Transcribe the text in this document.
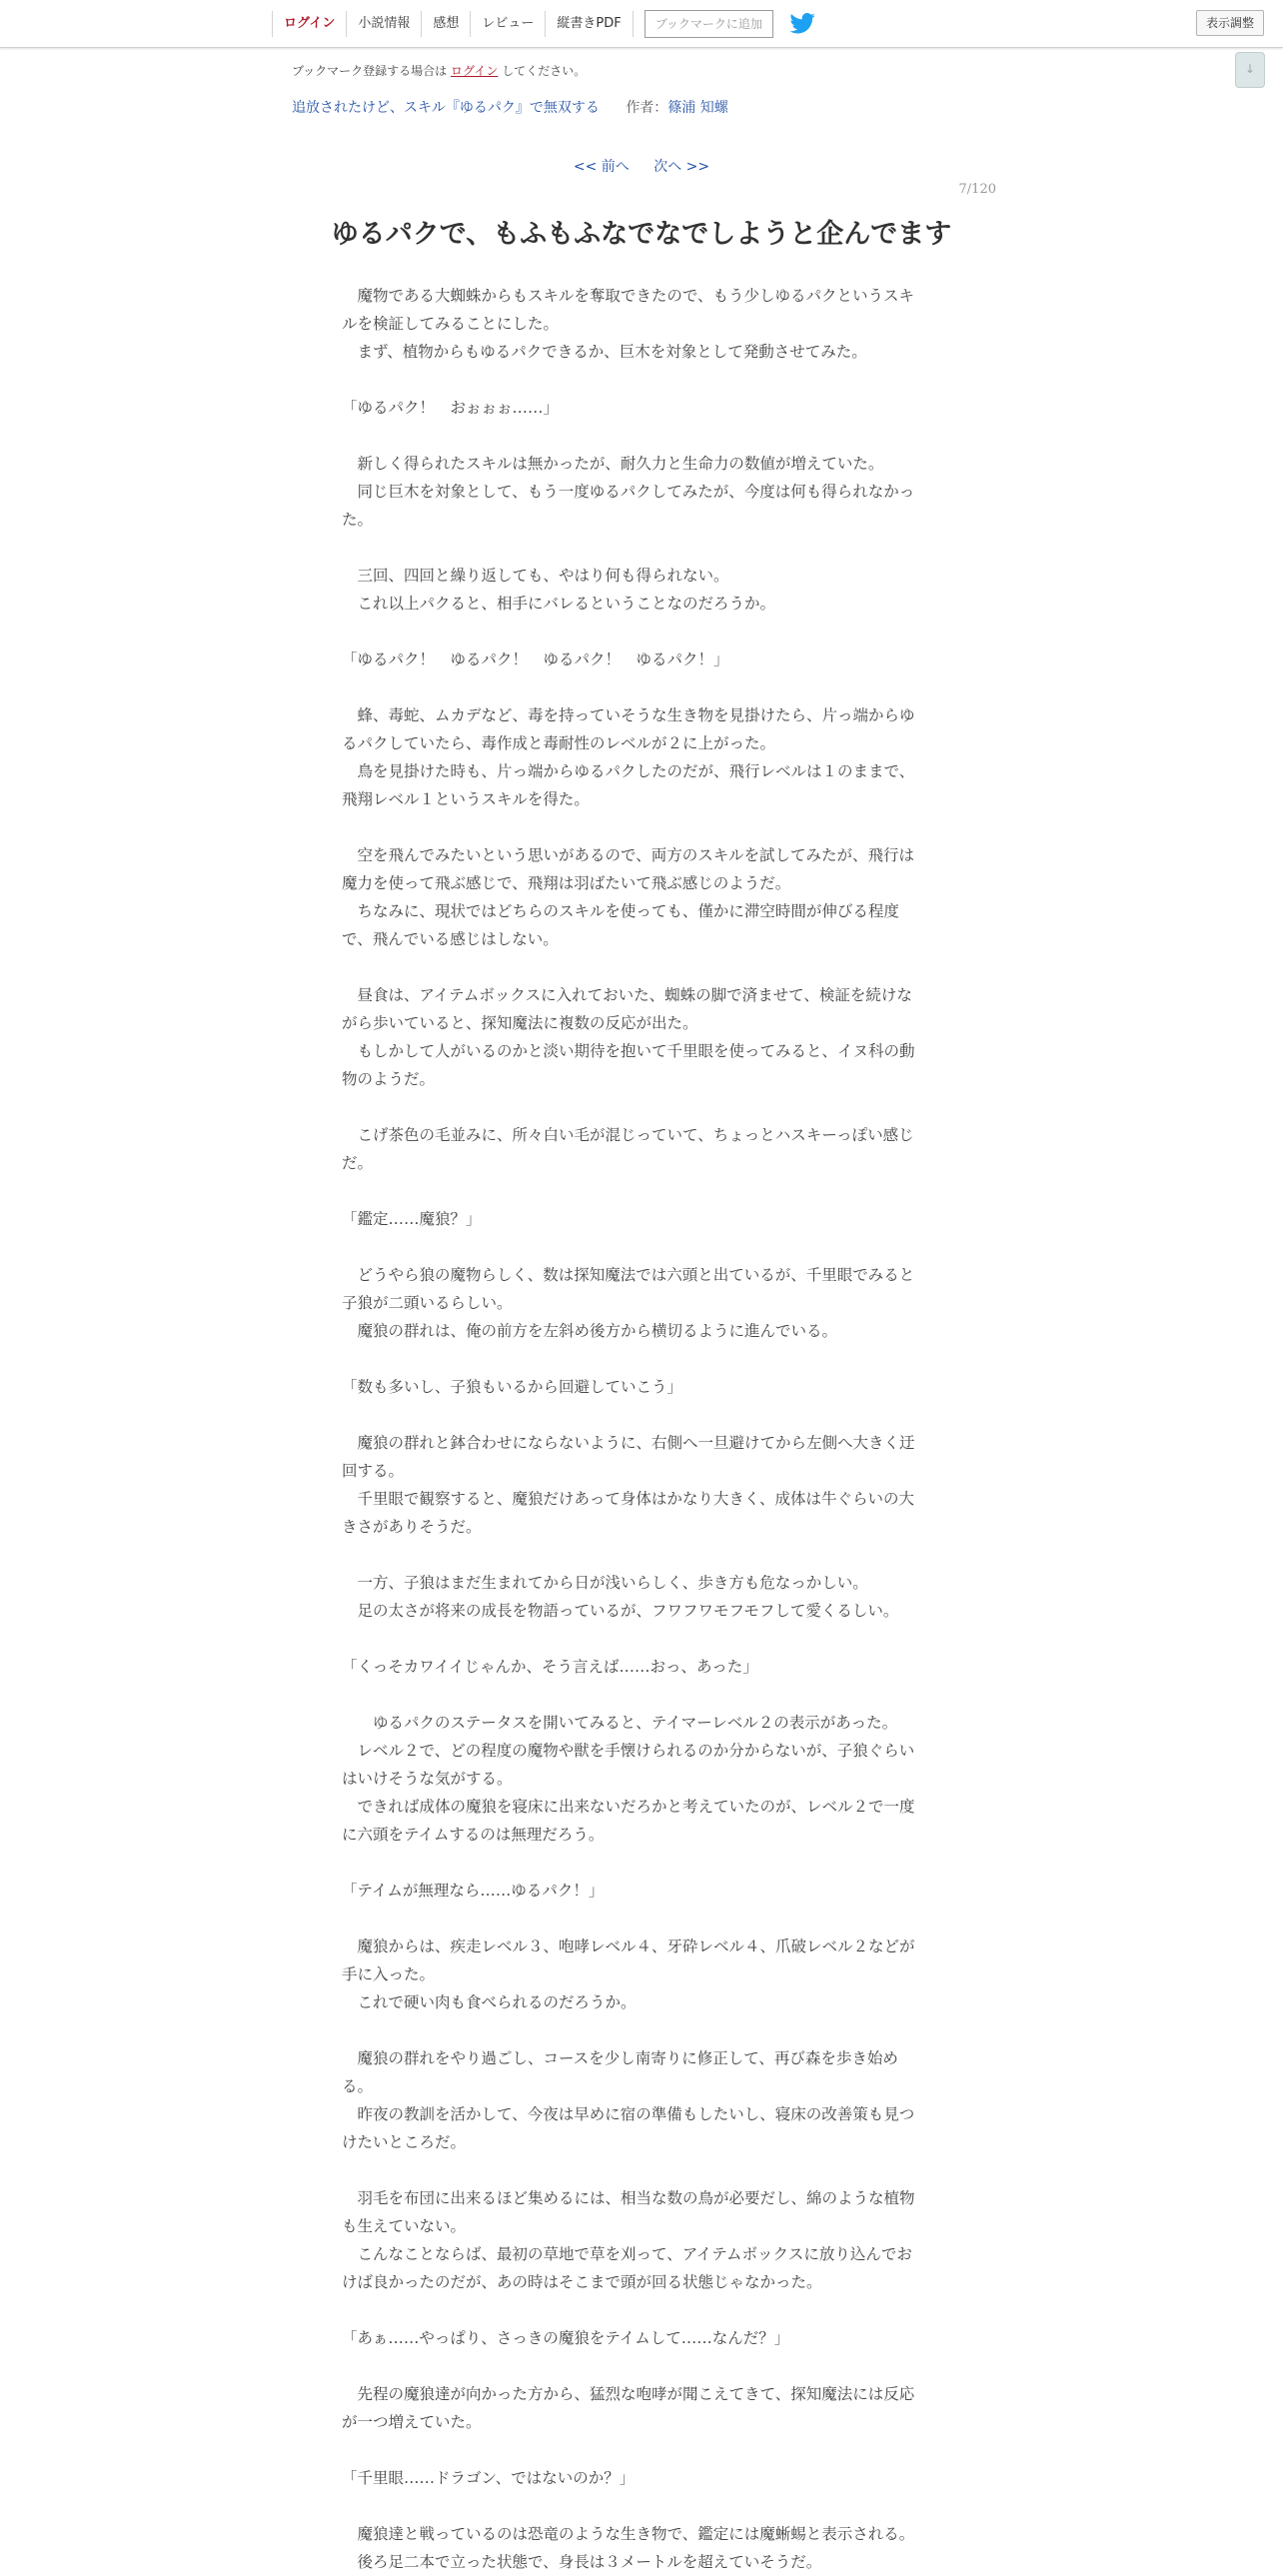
ログイン	小説情報	感想	レビュー	縦書きPDF	ブックマークに追加	表示調整
↓
ブックマーク登録する場合は ログイン してください。
追放されたけど、スキル『ゆるパク』で無双する 作者：篠浦 知螺
<< 前へ 次へ >>
7/120
ゆるパクで、もふもふなでなでしようと企んでます

　魔物である大蜘蛛からもスキルを奪取できたので、もう少しゆるパクというスキ

ルを検証してみることにした。

　まず、植物からもゆるパクできるか、巨木を対象として発動させてみた。

「ゆるパク！　おぉぉぉ……」

　新しく得られたスキルは無かったが、耐久力と生命力の数値が増えていた。

　同じ巨木を対象として、もう一度ゆるパクしてみたが、今度は何も得られなかっ

た。

　三回、四回と繰り返しても、やはり何も得られない。

　これ以上パクると、相手にバレるということなのだろうか。

「ゆるパク！　ゆるパク！　ゆるパク！　ゆるパク！」

　蜂、毒蛇、ムカデなど、毒を持っていそうな生き物を見掛けたら、片っ端からゆ

るパクしていたら、毒作成と毒耐性のレベルが２に上がった。

　鳥を見掛けた時も、片っ端からゆるパクしたのだが、飛行レベルは１のままで、

飛翔レベル１というスキルを得た。

　空を飛んでみたいという思いがあるので、両方のスキルを試してみたが、飛行は

魔力を使って飛ぶ感じで、飛翔は羽ばたいて飛ぶ感じのようだ。

　ちなみに、現状ではどちらのスキルを使っても、僅かに滞空時間が伸びる程度

で、飛んでいる感じはしない。

　昼食は、アイテムボックスに入れておいた、蜘蛛の脚で済ませて、検証を続けな

がら歩いていると、探知魔法に複数の反応が出た。

　もしかして人がいるのかと淡い期待を抱いて千里眼を使ってみると、イヌ科の動

物のようだ。

　こげ茶色の毛並みに、所々白い毛が混じっていて、ちょっとハスキーっぽい感じ

だ。

「鑑定……魔狼？」

　どうやら狼の魔物らしく、数は探知魔法では六頭と出ているが、千里眼でみると

子狼が二頭いるらしい。

　魔狼の群れは、俺の前方を左斜め後方から横切るように進んでいる。

「数も多いし、子狼もいるから回避していこう」

　魔狼の群れと鉢合わせにならないように、右側へ一旦避けてから左側へ大きく迂

回する。

　千里眼で観察すると、魔狼だけあって身体はかなり大きく、成体は牛ぐらいの大

きさがありそうだ。

　一方、子狼はまだ生まれてから日が浅いらしく、歩き方も危なっかしい。

　足の太さが将来の成長を物語っているが、フワフワモフモフして愛くるしい。

「くっそカワイイじゃんか、そう言えば……おっ、あった」

　　ゆるパクのステータスを開いてみると、テイマーレベル２の表示があった。

　レベル２で、どの程度の魔物や獣を手懐けられるのか分からないが、子狼ぐらい

はいけそうな気がする。

　できれば成体の魔狼を寝床に出来ないだろかと考えていたのが、レベル２で一度

に六頭をテイムするのは無理だろう。

「テイムが無理なら……ゆるパク！」

　魔狼からは、疾走レベル３、咆哮レベル４、牙砕レベル４、爪破レベル２などが

手に入った。

　これで硬い肉も食べられるのだろうか。

　魔狼の群れをやり過ごし、コースを少し南寄りに修正して、再び森を歩き始め

る。

　昨夜の教訓を活かして、今夜は早めに宿の準備もしたいし、寝床の改善策も見つ

けたいところだ。

　羽毛を布団に出来るほど集めるには、相当な数の鳥が必要だし、綿のような植物

も生えていない。

　こんなことならば、最初の草地で草を刈って、アイテムボックスに放り込んでお

けば良かったのだが、あの時はそこまで頭が回る状態じゃなかった。

「あぁ……やっぱり、さっきの魔狼をテイムして……なんだ？」

　先程の魔狼達が向かった方から、猛烈な咆哮が聞こえてきて、探知魔法には反応

が一つ増えていた。

「千里眼……ドラゴン、ではないのか？」

　魔狼達と戦っているのは恐竜のような生き物で、鑑定には魔蜥蜴と表示される。

　後ろ足二本で立った状態で、身長は３メートルを超えていそうだ。
